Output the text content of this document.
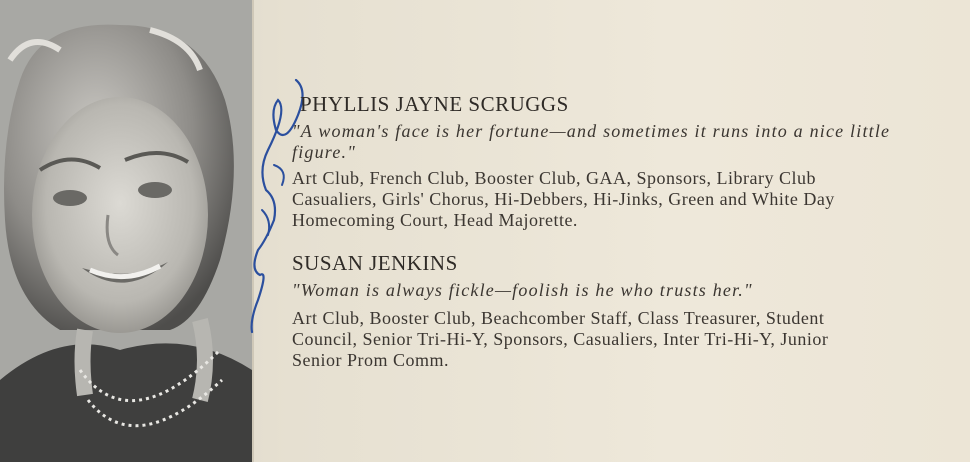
PHYLLIS JAYNE SCRUGGS
"A woman's face is her fortune—and sometimes it runs into a nice little
figure."
Art Club, French Club, Booster Club, GAA, Sponsors, Library Club
Casualiers, Girls' Chorus, Hi-Debbers, Hi-Jinks, Green and White Day
Homecoming Court, Head Majorette.
SUSAN JENKINS
"Woman is always fickle—foolish is he who trusts her."
Art Club, Booster Club, Beachcomber Staff, Class Treasurer, Student
Council, Senior Tri-Hi-Y, Sponsors, Casualiers, Inter Tri-Hi-Y, Junior
Senior Prom Comm.
